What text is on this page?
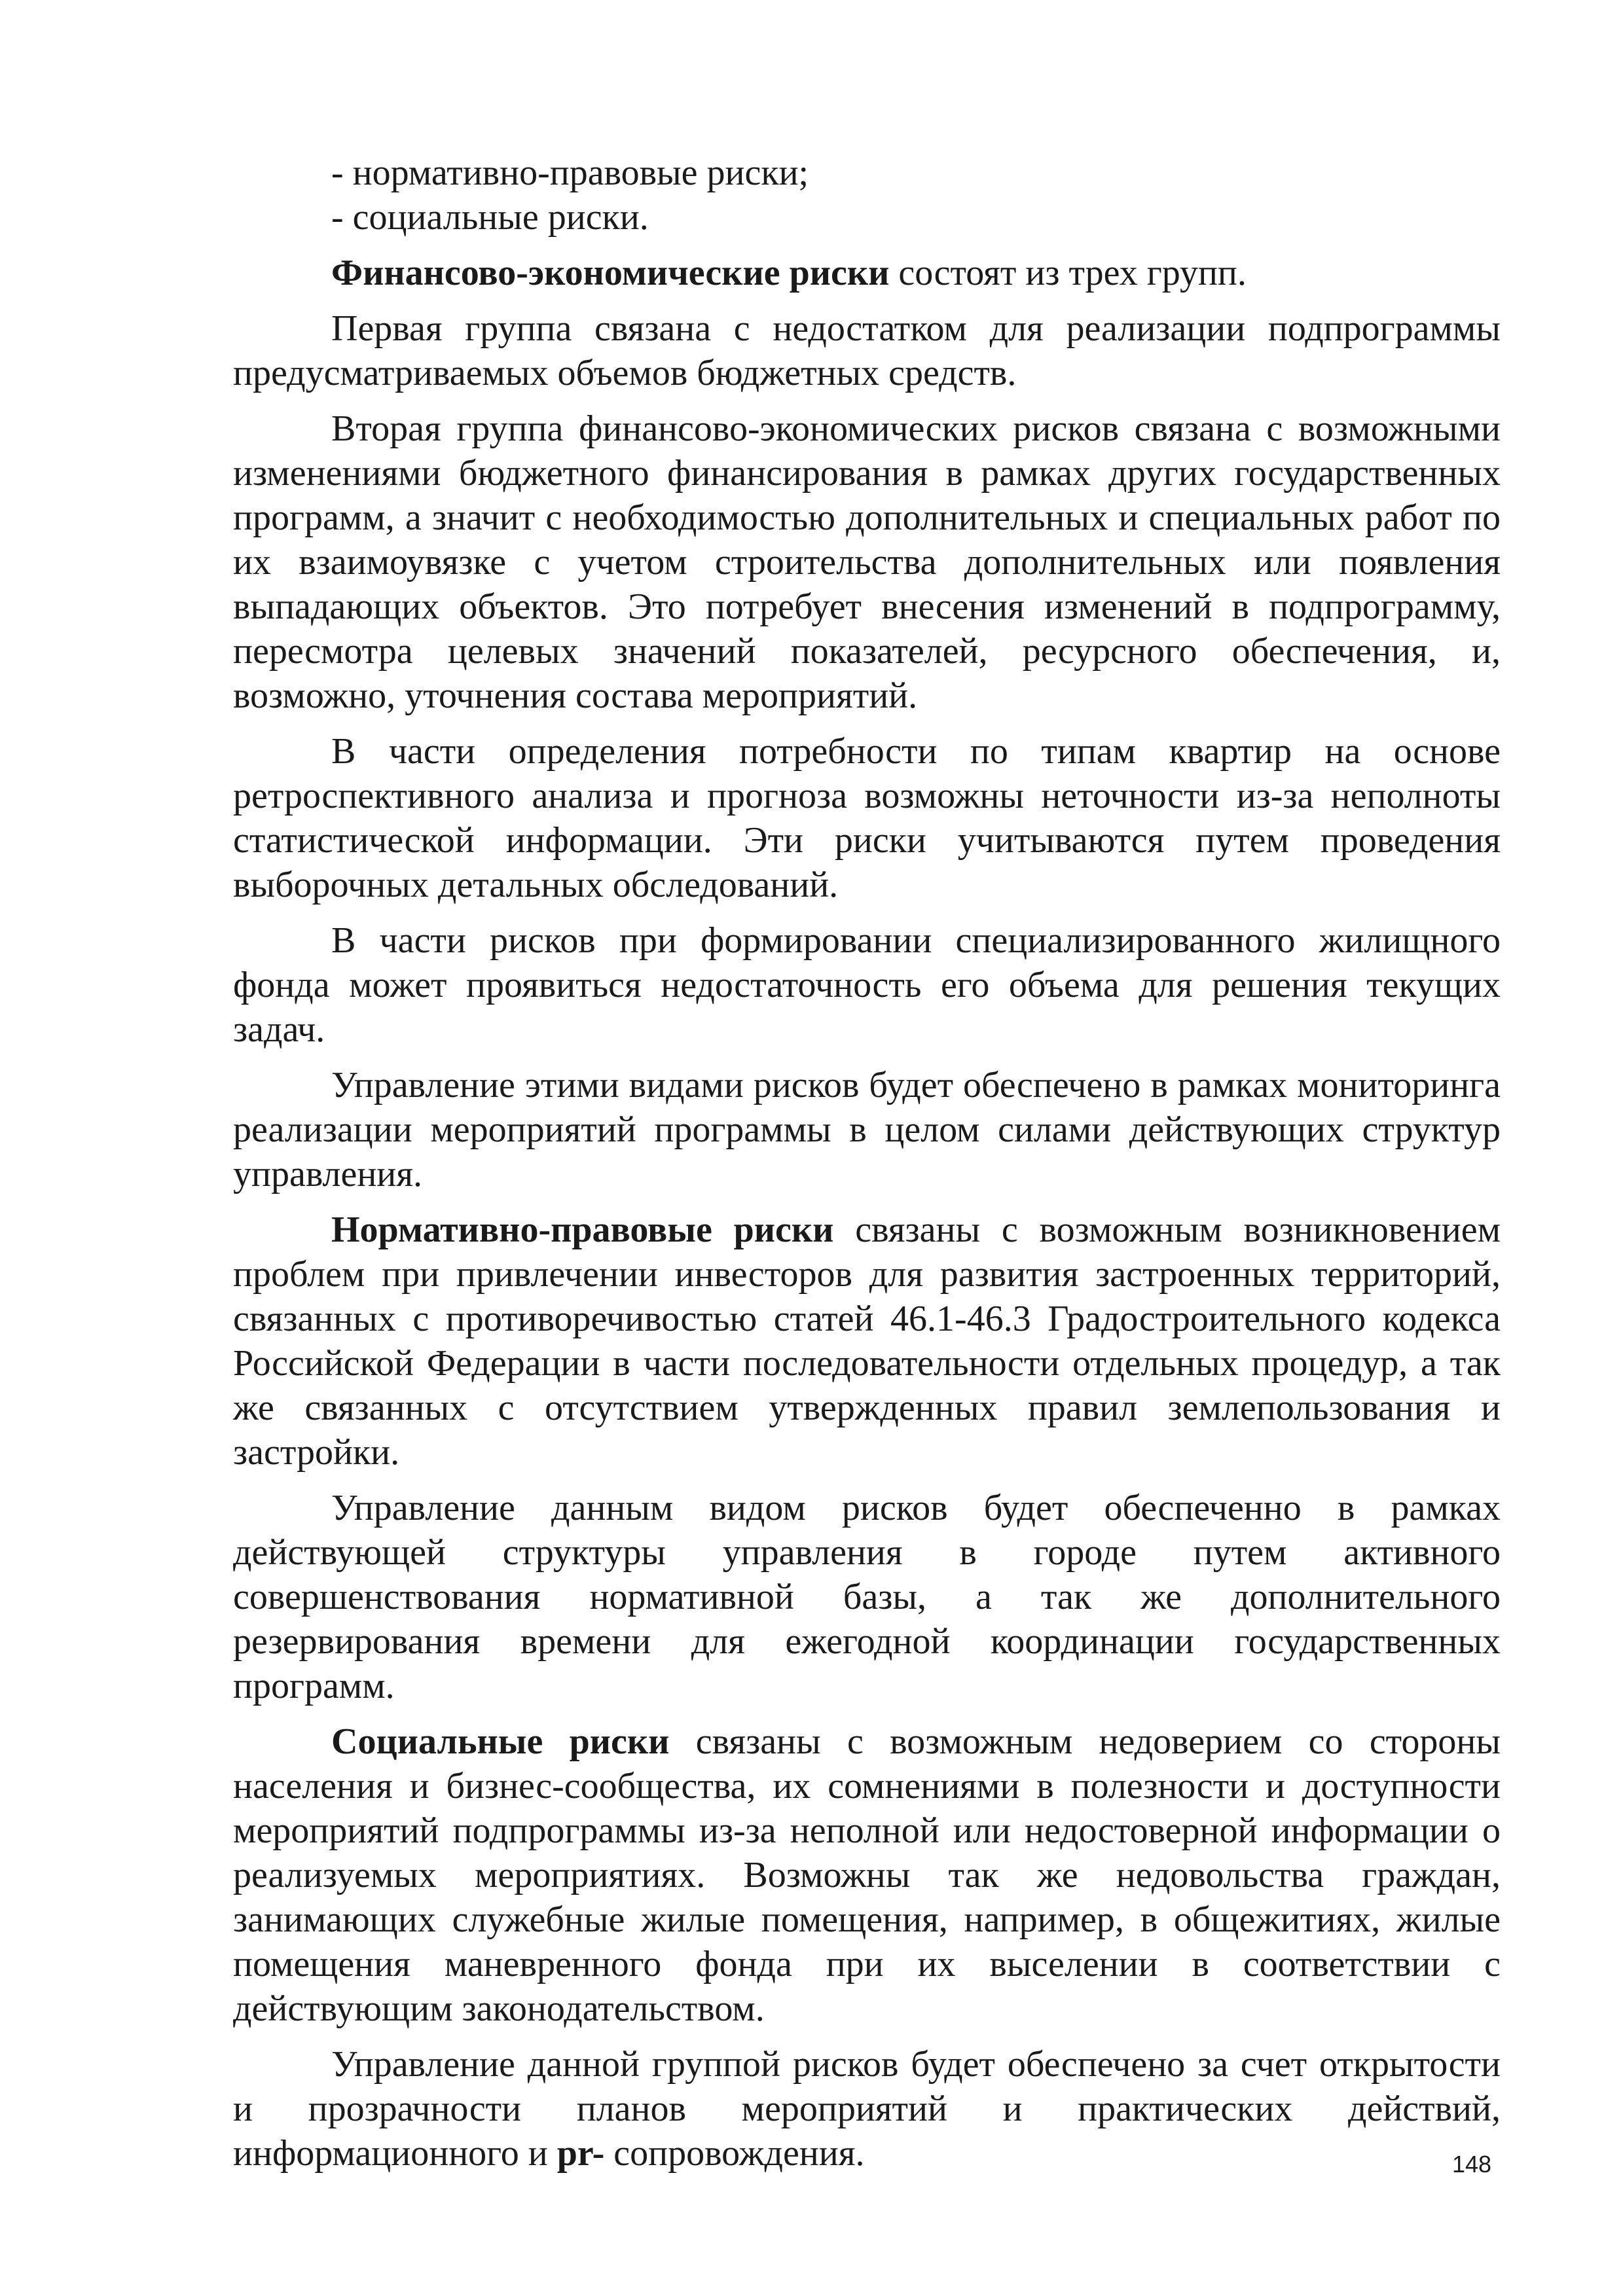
- нормативно-правовые риски;

- социальные риски.

Финансово-экономические риски состоят из трех групп.

Первая группа связана с недостатком для реализации подпрограммы предусматриваемых объемов бюджетных средств.

Вторая группа финансово-экономических рисков связана с возможными изменениями бюджетного финансирования в рамках других государственных программ, а значит с необходимостью дополнительных и специальных работ по их взаимоувязке с учетом строительства дополнительных или появления выпадающих объектов. Это потребует внесения изменений в подпрограмму, пересмотра целевых значений показателей, ресурсного обеспечения, и, возможно, уточнения состава мероприятий.

В части определения потребности по типам квартир на основе ретроспективного анализа и прогноза возможны неточности из-за неполноты статистической информации. Эти риски учитываются путем проведения выборочных детальных обследований.

В части рисков при формировании специализированного жилищного фонда может проявиться недостаточность его объема для решения текущих задач.

Управление этими видами рисков будет обеспечено в рамках мониторинга реализации мероприятий программы в целом силами действующих структур управления.

Нормативно-правовые риски связаны с возможным возникновением проблем при привлечении инвесторов для развития застроенных территорий, связанных с противоречивостью статей 46.1-46.3 Градостроительного кодекса Российской Федерации в части последовательности отдельных процедур, а так же связанных с отсутствием утвержденных правил землепользования и застройки.

Управление данным видом рисков будет обеспеченно в рамках действующей структуры управления в городе путем активного совершенствования нормативной базы, а так же дополнительного резервирования времени для ежегодной координации государственных программ.

Социальные риски связаны с возможным недоверием со стороны населения и бизнес-сообщества, их сомнениями в полезности и доступности мероприятий подпрограммы из-за неполной или недостоверной информации о реализуемых мероприятиях. Возможны так же недовольства граждан, занимающих служебные жилые помещения, например, в общежитиях, жилые помещения маневренного фонда при их выселении в соответствии с действующим законодательством.

Управление данной группой рисков будет обеспечено за счет открытости и прозрачности планов мероприятий и практических действий, информационного и pr- сопровождения.	148
